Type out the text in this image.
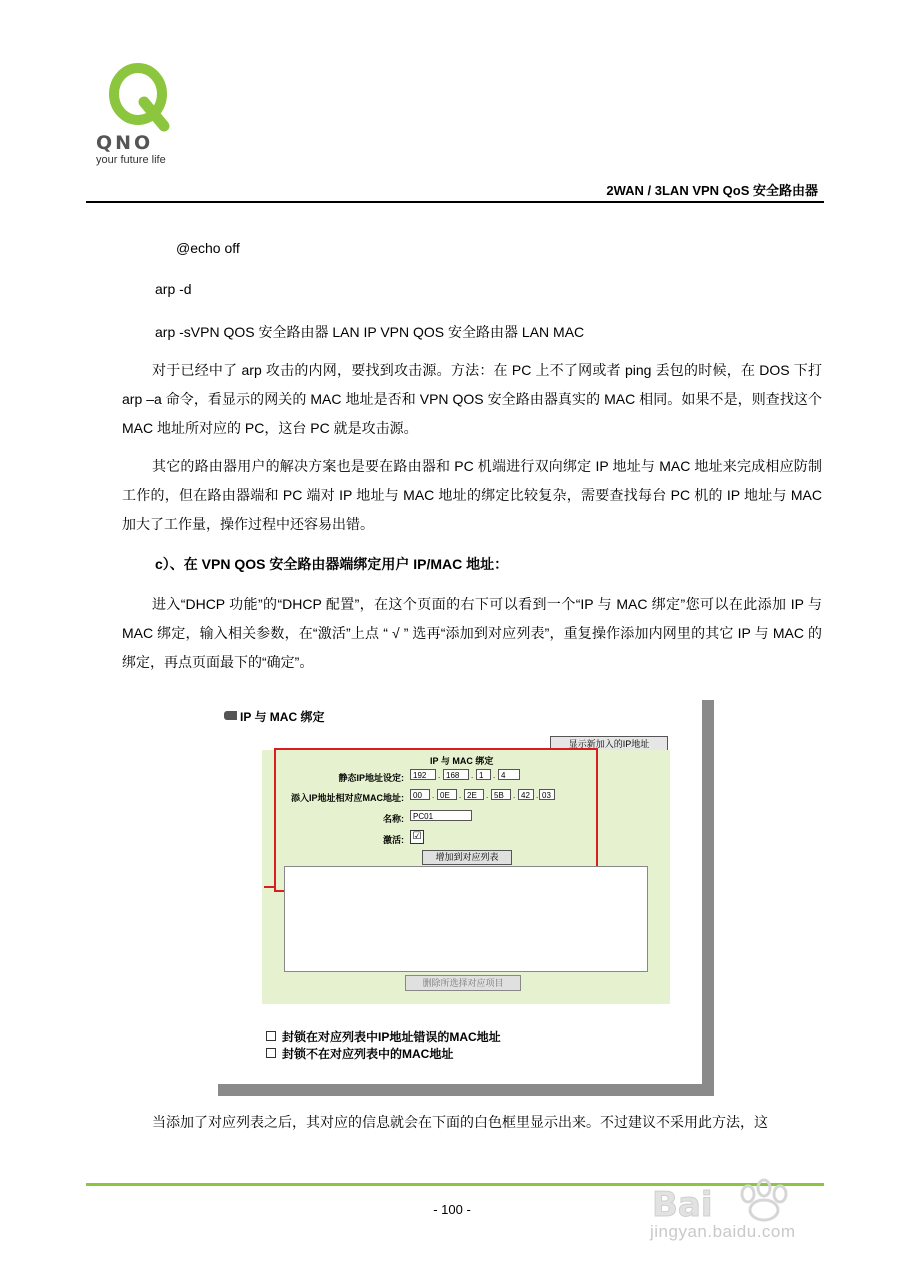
QNO
your future life
2WAN / 3LAN VPN QoS 安全路由器
@echo off
arp -d
arp -sVPN QOS 安全路由器 LAN IP VPN QOS 安全路由器 LAN MAC
对于已经中了 arp 攻击的内网，要找到攻击源。方法：在 PC 上不了网或者 ping 丢包的时候，在 DOS 下打 arp –a 命令，看显示的网关的 MAC 地址是否和 VPN QOS 安全路由器真实的 MAC 相同。如果不是，则查找这个 MAC 地址所对应的 PC，这台 PC 就是攻击源。
其它的路由器用户的解决方案也是要在路由器和 PC 机端进行双向绑定 IP 地址与 MAC 地址来完成相应防制工作的，但在路由器端和 PC 端对 IP 地址与 MAC 地址的绑定比较复杂，需要查找每台 PC 机的 IP 地址与 MAC 加大了工作量，操作过程中还容易出错。
c）、在 VPN QOS 安全路由器端绑定用户 IP/MAC 地址：
进入“DHCP 功能”的“DHCP 配置”，在这个页面的右下可以看到一个“IP 与 MAC 绑定”您可以在此添加 IP 与 MAC 绑定，输入相关参数，在“激活”上点 “ √ ” 选再“添加到对应列表”，重复操作添加内网里的其它 IP 与 MAC 的绑定，再点页面最下的“确定”。
IP 与 MAC 绑定
显示新加入的IP地址
IP 与 MAC 绑定
静态IP地址设定:	192	. 168	. 1	. 4
添入IP地址相对应MAC地址:	00	. 0E	. 2E	. 5B	. 42 . 03
名称:	PC01
激活: ☑
增加到对应列表
删除所选择对应项目
封锁在对应列表中IP地址错误的MAC地址
封锁不在对应列表中的MAC地址
当添加了对应列表之后，其对应的信息就会在下面的白色框里显示出来。不过建议不采用此方法，这
- 100 -	Bai
jingyan.baidu.com
